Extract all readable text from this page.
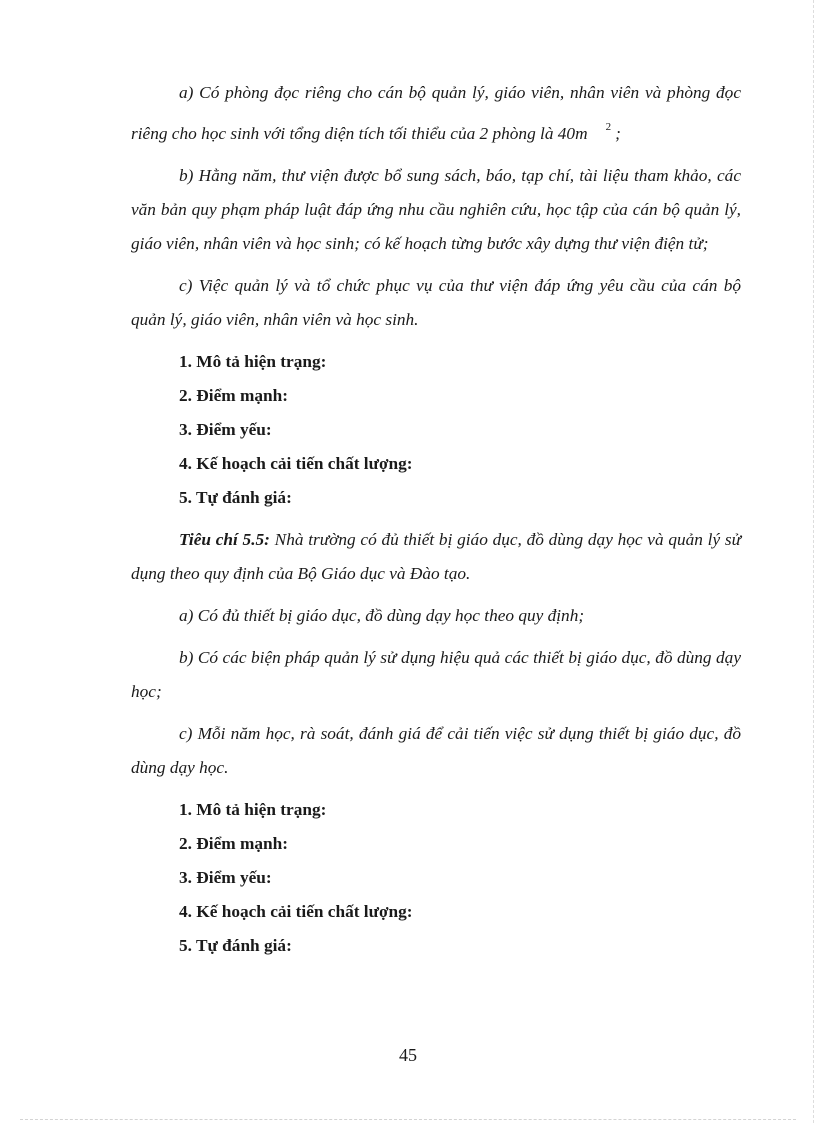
a) Có phòng đọc riêng cho cán bộ quản lý, giáo viên, nhân viên và phòng đọc riêng cho học sinh với tổng diện tích tối thiểu của 2 phòng là 40m $^2$ ;

b) Hằng năm, thư viện được bổ sung sách, báo, tạp chí, tài liệu tham khảo, các văn bản quy phạm pháp luật đáp ứng nhu cầu nghiên cứu, học tập của cán bộ quản lý, giáo viên, nhân viên và học sinh; có kế hoạch từng bước xây dựng thư viện điện tử;

c) Việc quản lý và tổ chức phục vụ của thư viện đáp ứng yêu cầu của cán bộ quản lý, giáo viên, nhân viên và học sinh.

1. Mô tả hiện trạng:

2. Điểm mạnh:

3. Điểm yếu:

4. Kế hoạch cải tiến chất lượng:

5. Tự đánh giá:

Tiêu chí 5.5: Nhà trường có đủ thiết bị giáo dục, đồ dùng dạy học và quản lý sử dụng theo quy định của Bộ Giáo dục và Đào tạo.

a) Có đủ thiết bị giáo dục, đồ dùng dạy học theo quy định;

b) Có các biện pháp quản lý sử dụng hiệu quả các thiết bị giáo dục, đồ dùng dạy học;

c) Mỗi năm học, rà soát, đánh giá để cải tiến việc sử dụng thiết bị giáo dục, đồ dùng dạy học.

1. Mô tả hiện trạng:

2. Điểm mạnh:

3. Điểm yếu:

4. Kế hoạch cải tiến chất lượng:

5. Tự đánh giá:

45
